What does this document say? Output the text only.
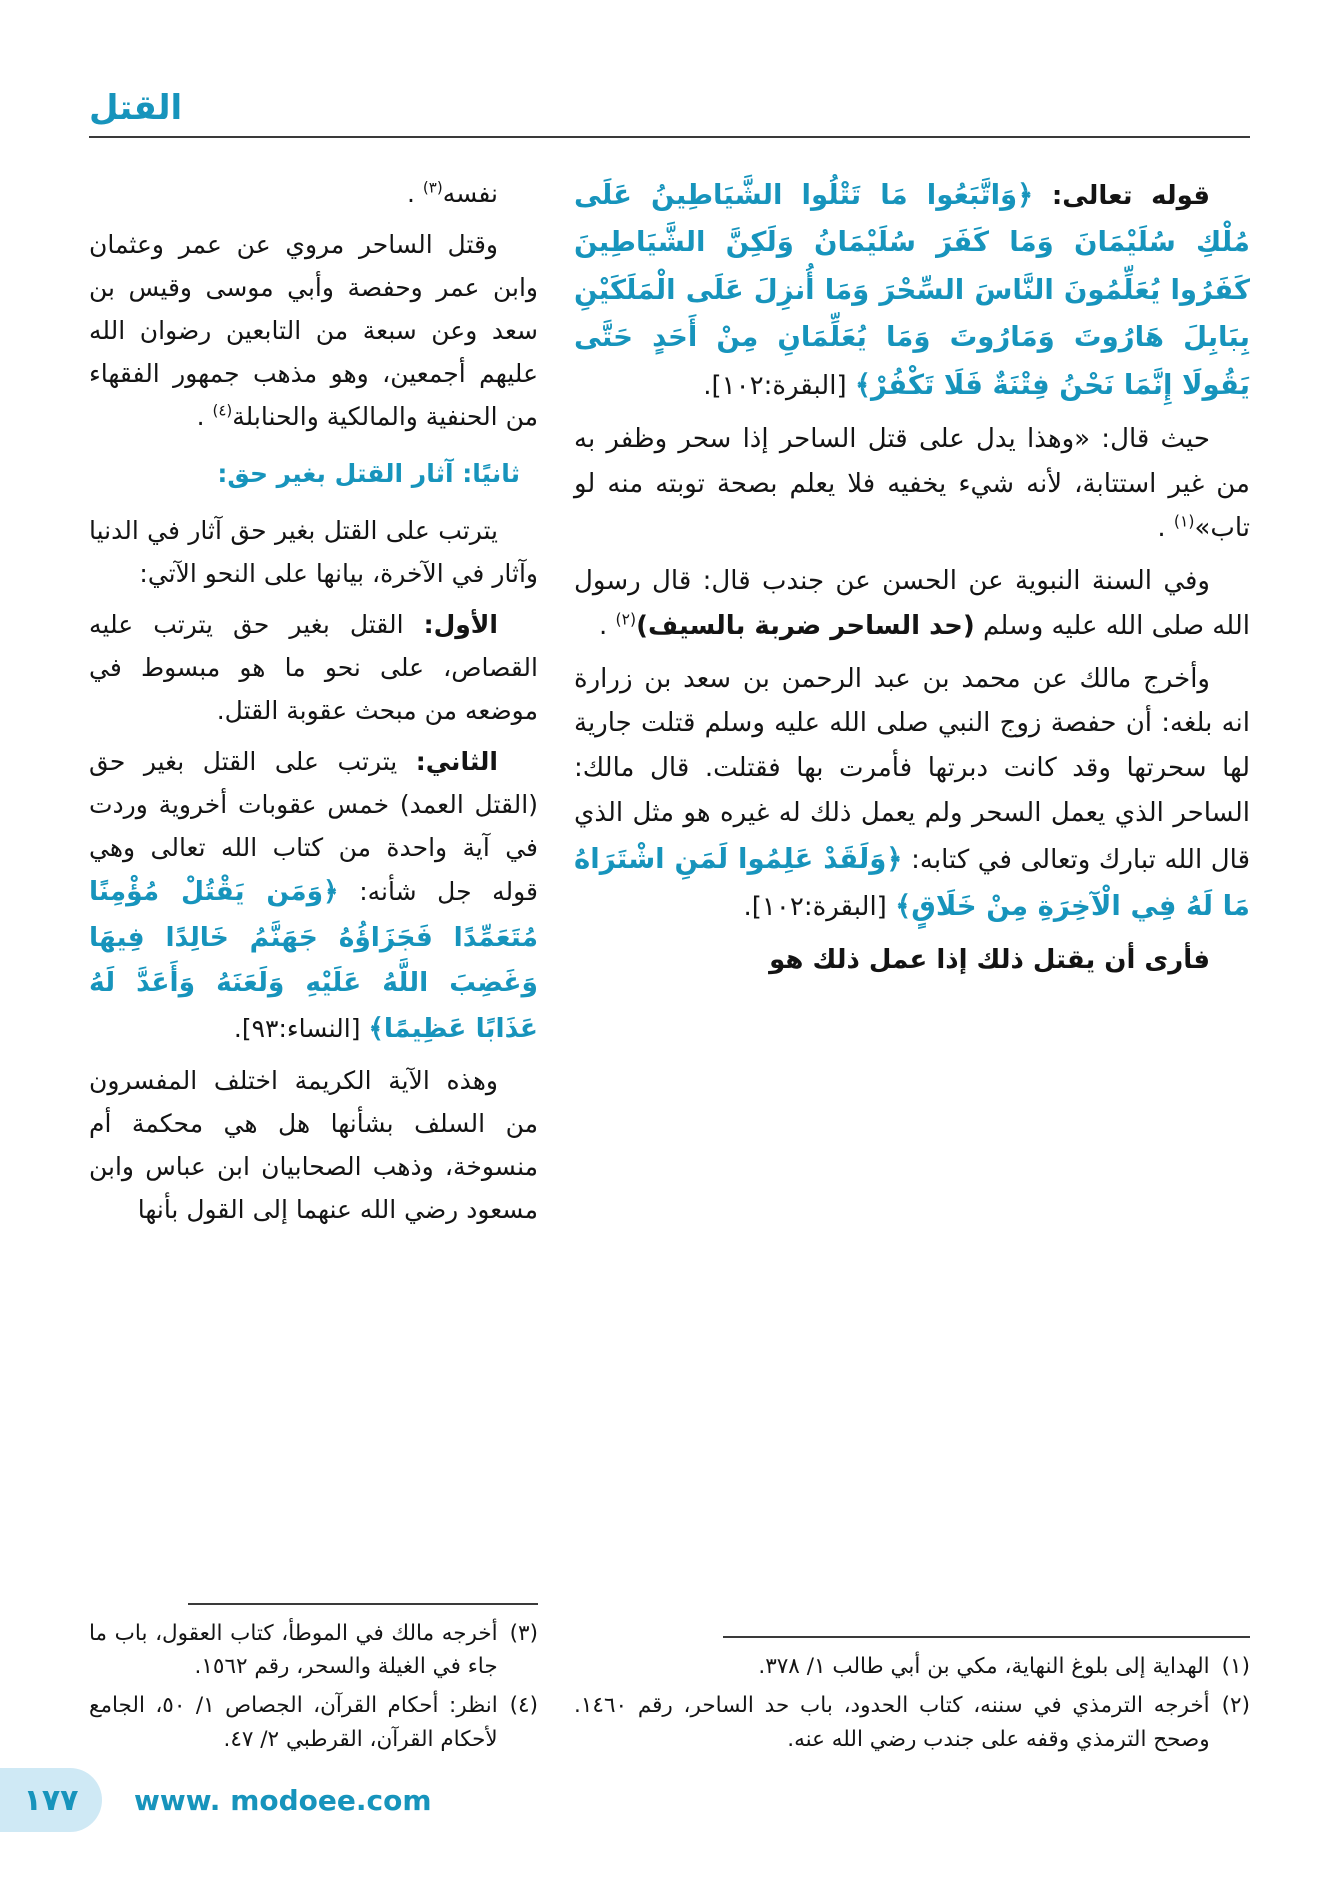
القتل

قوله تعالى: ﴿وَاتَّبَعُوا مَا تَتْلُوا الشَّيَاطِينُ عَلَى مُلْكِ سُلَيْمَانَ وَمَا كَفَرَ سُلَيْمَانُ وَلَكِنَّ الشَّيَاطِينَ كَفَرُوا يُعَلِّمُونَ النَّاسَ السِّحْرَ وَمَا أُنزِلَ عَلَى الْمَلَكَيْنِ بِبَابِلَ هَارُوتَ وَمَارُوتَ وَمَا يُعَلِّمَانِ مِنْ أَحَدٍ حَتَّى يَقُولَا إِنَّمَا نَحْنُ فِتْنَةٌ فَلَا تَكْفُرْ﴾ [البقرة:١٠٢].

حيث قال: «وهذا يدل على قتل الساحر إذا سحر وظفر به من غير استتابة، لأنه شيء يخفيه فلا يعلم بصحة توبته منه لو تاب»$^{(١)}$ .

وفي السنة النبوية عن الحسن عن جندب قال: قال رسول الله صلى الله عليه وسلم (حد الساحر ضربة بالسيف)$^{(٢)}$ .

وأخرج مالك عن محمد بن عبد الرحمن بن سعد بن زرارة انه بلغه: أن حفصة زوج النبي صلى الله عليه وسلم قتلت جارية لها سحرتها وقد كانت دبرتها فأمرت بها فقتلت. قال مالك: الساحر الذي يعمل السحر ولم يعمل ذلك له غيره هو مثل الذي قال الله تبارك وتعالى في كتابه: ﴿وَلَقَدْ عَلِمُوا لَمَنِ اشْتَرَاهُ مَا لَهُ فِي الْآخِرَةِ مِنْ خَلَاقٍ﴾ [البقرة:١٠٢].

فأرى أن يقتل ذلك إذا عمل ذلك هو

(١)
الهداية إلى بلوغ النهاية، مكي بن أبي طالب ١/ ٣٧٨.
(٢)
أخرجه الترمذي في سننه، كتاب الحدود، باب حد الساحر، رقم ١٤٦٠. وصحح الترمذي وقفه على جندب رضي الله عنه.

نفسه$^{(٣)}$ .

وقتل الساحر مروي عن عمر وعثمان وابن عمر وحفصة وأبي موسى وقيس بن سعد وعن سبعة من التابعين رضوان الله عليهم أجمعين، وهو مذهب جمهور الفقهاء من الحنفية والمالكية والحنابلة$^{(٤)}$ .

ثانيًا: آثار القتل بغير حق:

يترتب على القتل بغير حق آثار في الدنيا وآثار في الآخرة، بيانها على النحو الآتي:

الأول: القتل بغير حق يترتب عليه القصاص، على نحو ما هو مبسوط في موضعه من مبحث عقوبة القتل.

الثاني: يترتب على القتل بغير حق (القتل العمد) خمس عقوبات أخروية وردت في آية واحدة من كتاب الله تعالى وهي قوله جل شأنه: ﴿وَمَن يَقْتُلْ مُؤْمِنًا مُتَعَمِّدًا فَجَزَاؤُهُ جَهَنَّمُ خَالِدًا فِيهَا وَغَضِبَ اللَّهُ عَلَيْهِ وَلَعَنَهُ وَأَعَدَّ لَهُ عَذَابًا عَظِيمًا﴾ [النساء:٩٣].

وهذه الآية الكريمة اختلف المفسرون من السلف بشأنها هل هي محكمة أم منسوخة، وذهب الصحابيان ابن عباس وابن مسعود رضي الله عنهما إلى القول بأنها

(٣)
أخرجه مالك في الموطأ، كتاب العقول، باب ما جاء في الغيلة والسحر، رقم ١٥٦٢.
(٤)
انظر: أحكام القرآن، الجصاص ١/ ٥٠، الجامع لأحكام القرآن، القرطبي ٢/ ٤٧.
١٧٧ www. modoee.com
